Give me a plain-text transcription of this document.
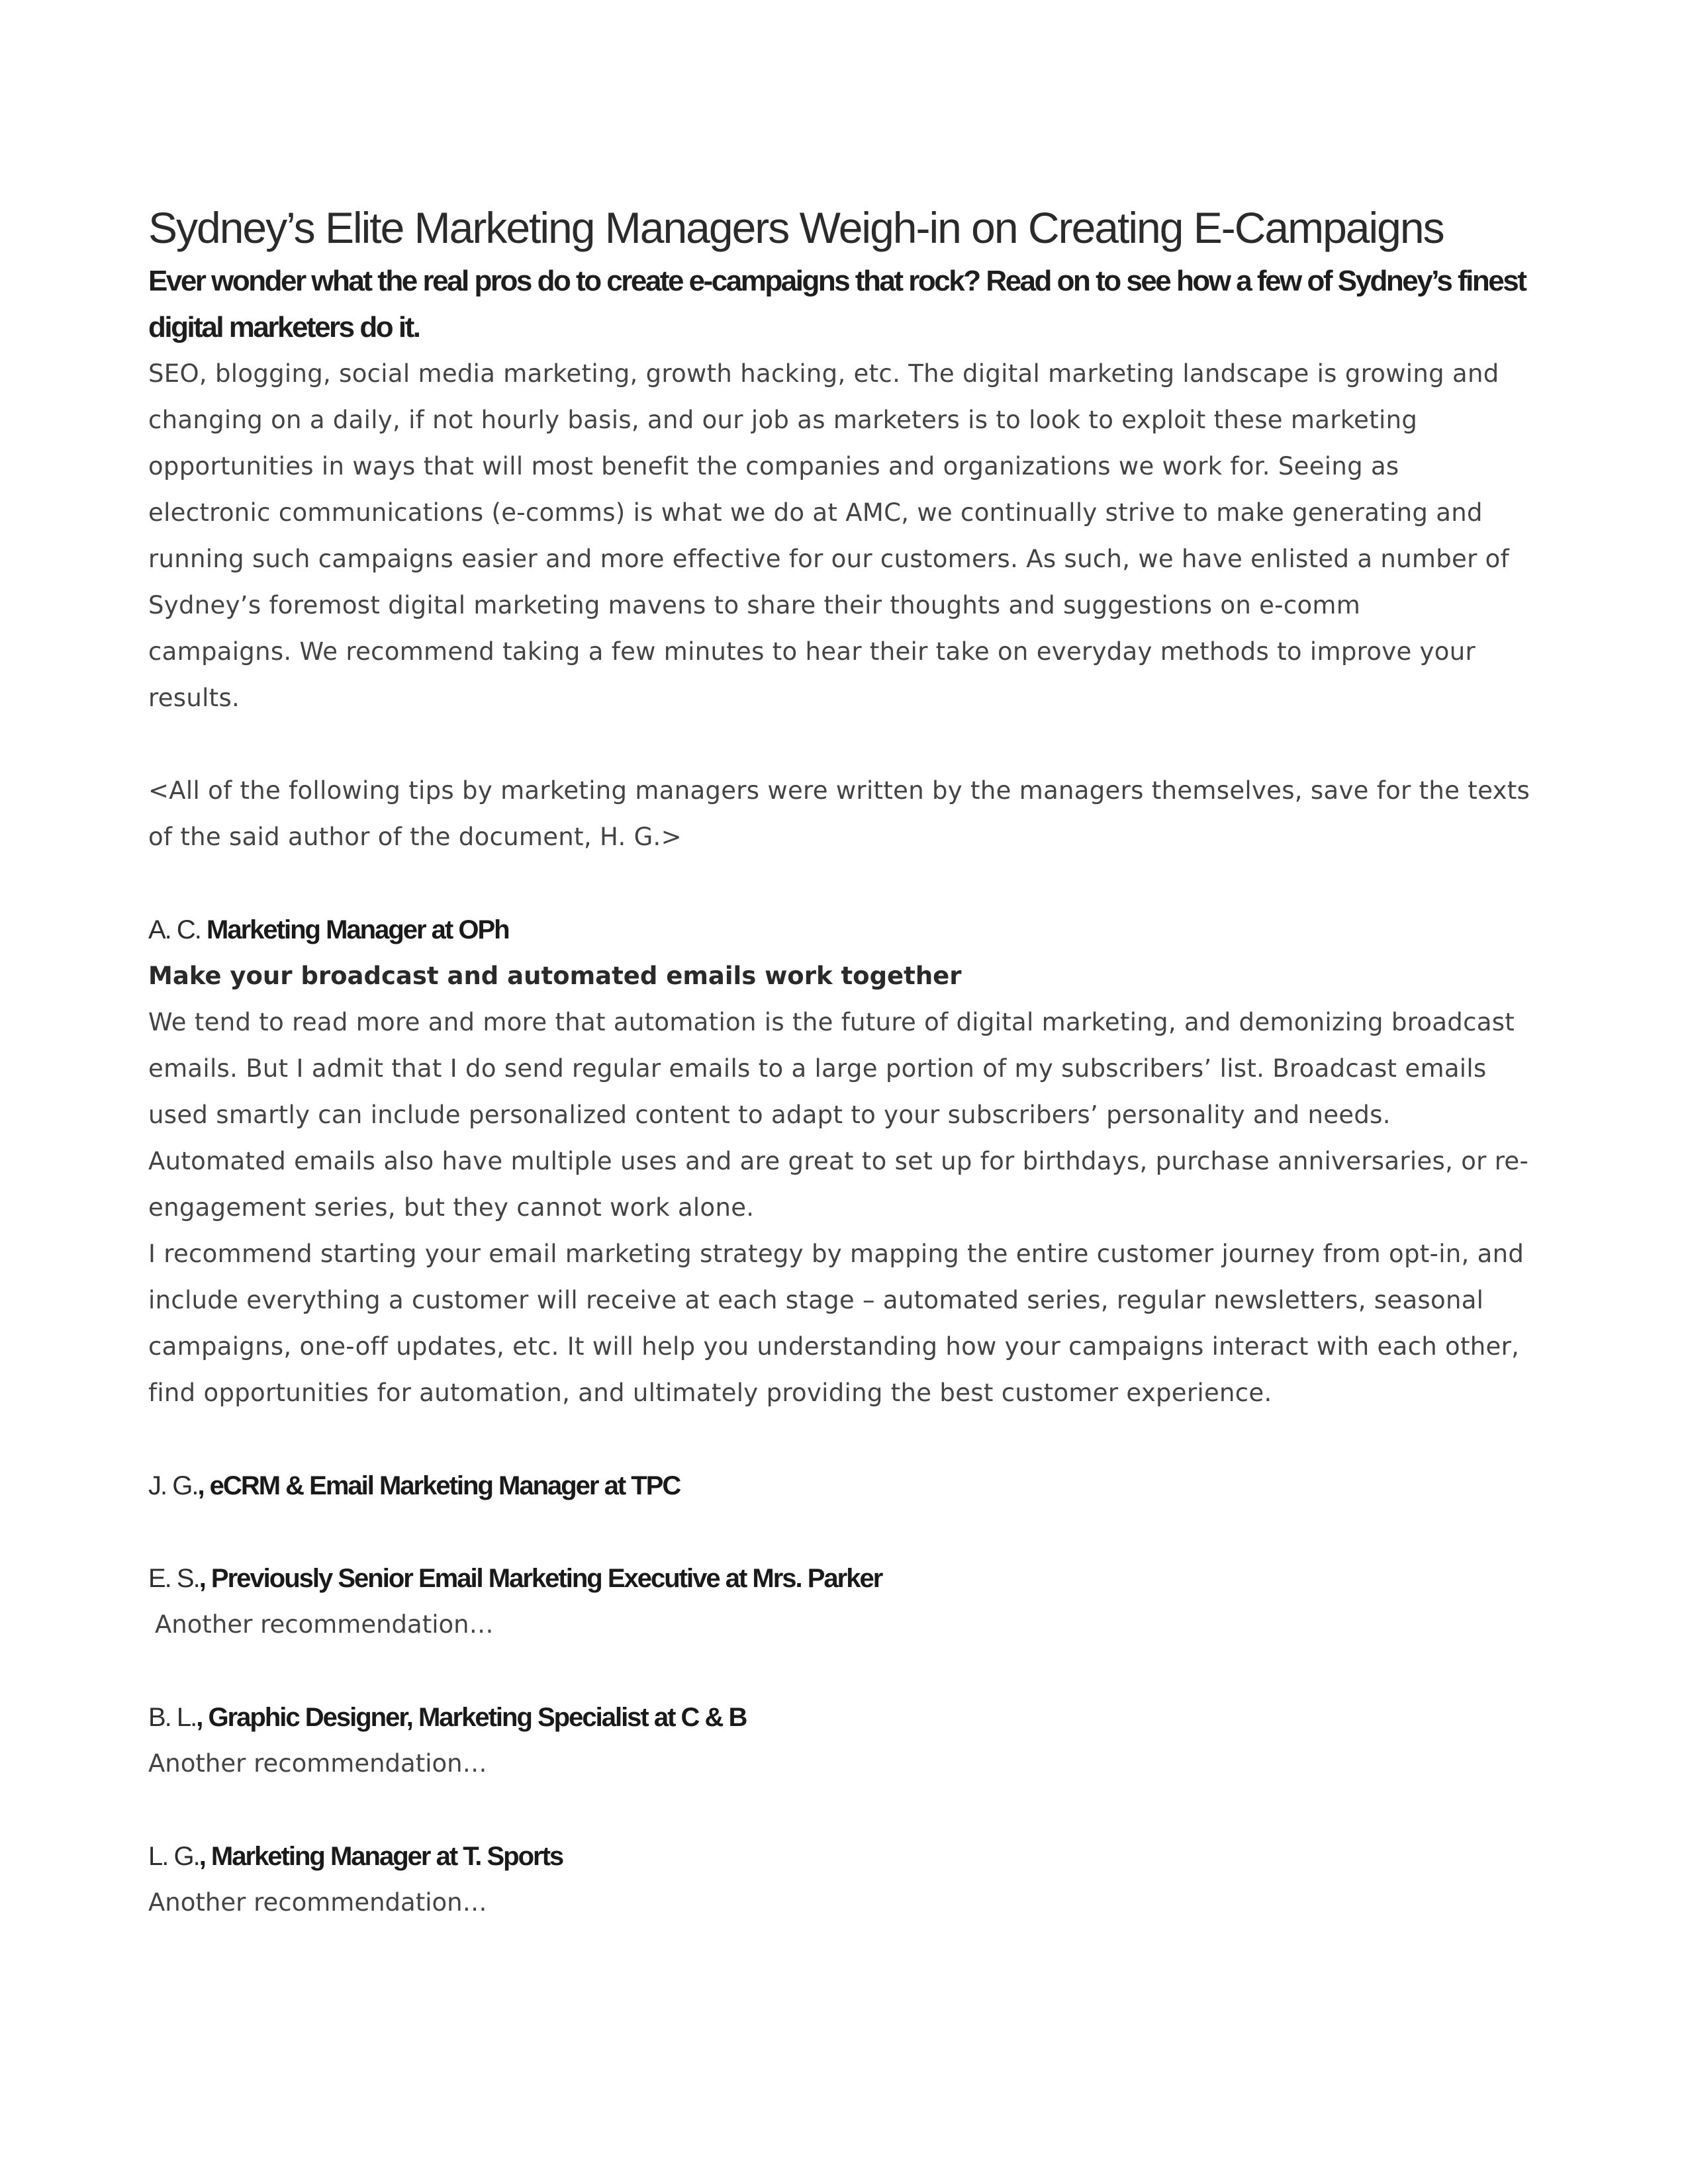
Sydney’s Elite Marketing Managers Weigh-in on Creating E-Campaigns

Ever wonder what the real pros do to create e-campaigns that rock? Read on to see how a few of Sydney’s finest digital marketers do it.

SEO, blogging, social media marketing, growth hacking, etc. The digital marketing landscape is growing and

changing on a daily, if not hourly basis, and our job as marketers is to look to exploit these marketing

opportunities in ways that will most benefit the companies and organizations we work for. Seeing as

electronic communications (e-comms) is what we do at AMC, we continually strive to make generating and

running such campaigns easier and more effective for our customers. As such, we have enlisted a number of

Sydney’s foremost digital marketing mavens to share their thoughts and suggestions on e-comm

campaigns. We recommend taking a few minutes to hear their take on everyday methods to improve your

results.

<All of the following tips by marketing managers were written by the managers themselves, save for the texts

of the said author of the document, H. G.>

A. C. Marketing Manager at OPh

Make your broadcast and automated emails work together

We tend to read more and more that automation is the future of digital marketing, and demonizing broadcast

emails. But I admit that I do send regular emails to a large portion of my subscribers’ list. Broadcast emails

used smartly can include personalized content to adapt to your subscribers’ personality and needs.

Automated emails also have multiple uses and are great to set up for birthdays, purchase anniversaries, or re-

engagement series, but they cannot work alone.

I recommend starting your email marketing strategy by mapping the entire customer journey from opt-in, and

include everything a customer will receive at each stage – automated series, regular newsletters, seasonal

campaigns, one-off updates, etc. It will help you understanding how your campaigns interact with each other,

find opportunities for automation, and ultimately providing the best customer experience.

J. G., eCRM & Email Marketing Manager at TPC

E. S., Previously Senior Email Marketing Executive at Mrs. Parker

Another recommendation…

B. L., Graphic Designer, Marketing Specialist at C & B

Another recommendation…

L. G., Marketing Manager at T. Sports

Another recommendation…
